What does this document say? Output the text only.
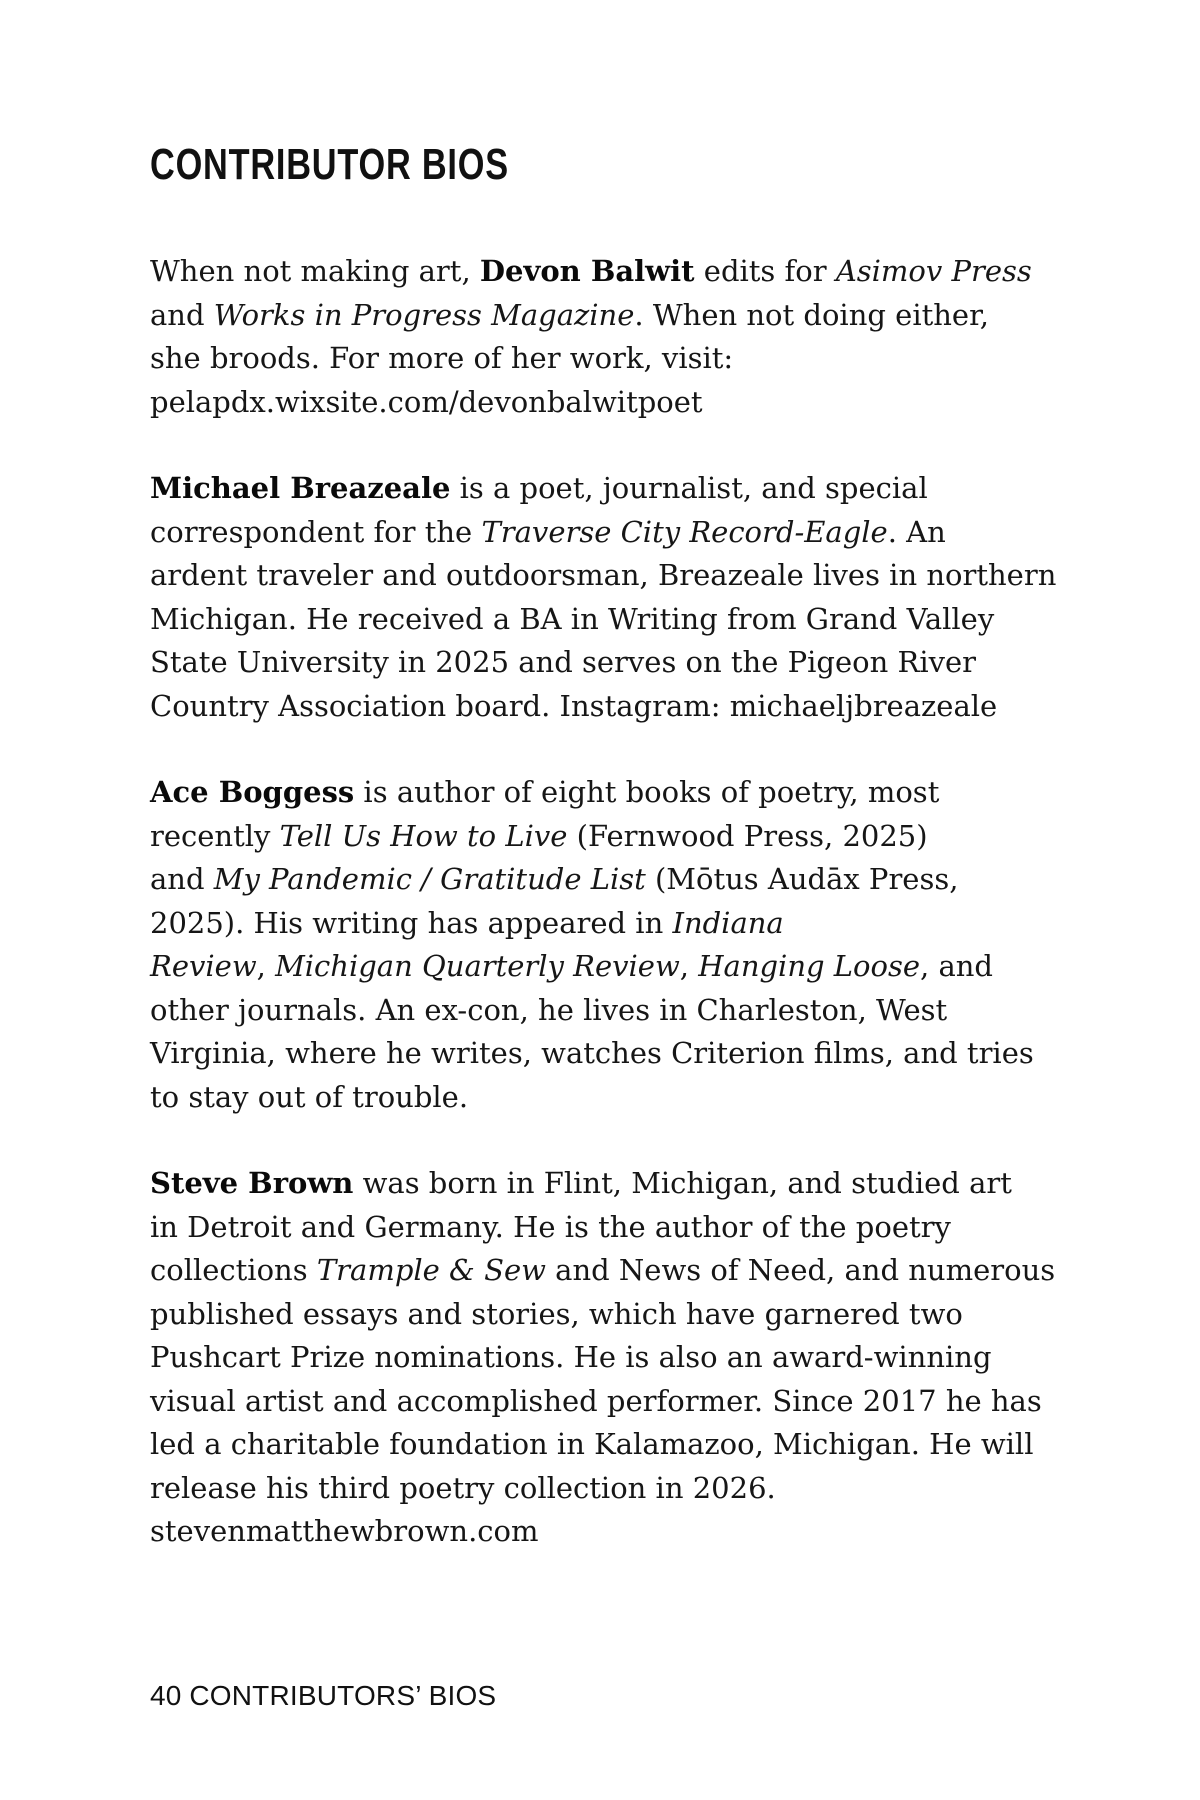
CONTRIBUTOR BIOS
When not making art, Devon Balwit edits for Asimov Press
and Works in Progress Magazine. When not doing either,
she broods. For more of her work, visit:
pelapdx.wixsite.com/devonbalwitpoet
Michael Breazeale is a poet, journalist, and special
correspondent for the Traverse City Record-Eagle. An
ardent traveler and outdoorsman, Breazeale lives in northern
Michigan. He received a BA in Writing from Grand Valley
State University in 2025 and serves on the Pigeon River
Country Association board. Instagram: michaeljbreazeale
Ace Boggess is author of eight books of poetry, most
recently Tell Us How to Live (Fernwood Press, 2025)
and My Pandemic / Gratitude List (Mōtus Audāx Press,
2025). His writing has appeared in Indiana
Review, Michigan Quarterly Review, Hanging Loose, and
other journals. An ex-con, he lives in Charleston, West
Virginia, where he writes, watches Criterion films, and tries
to stay out of trouble.
Steve Brown was born in Flint, Michigan, and studied art
in Detroit and Germany. He is the author of the poetry
collections Trample & Sew and News of Need, and numerous
published essays and stories, which have garnered two
Pushcart Prize nominations. He is also an award-winning
visual artist and accomplished performer. Since 2017 he has
led a charitable foundation in Kalamazoo, Michigan. He will
release his third poetry collection in 2026.
stevenmatthewbrown.com
40 CONTRIBUTORS’ BIOS
